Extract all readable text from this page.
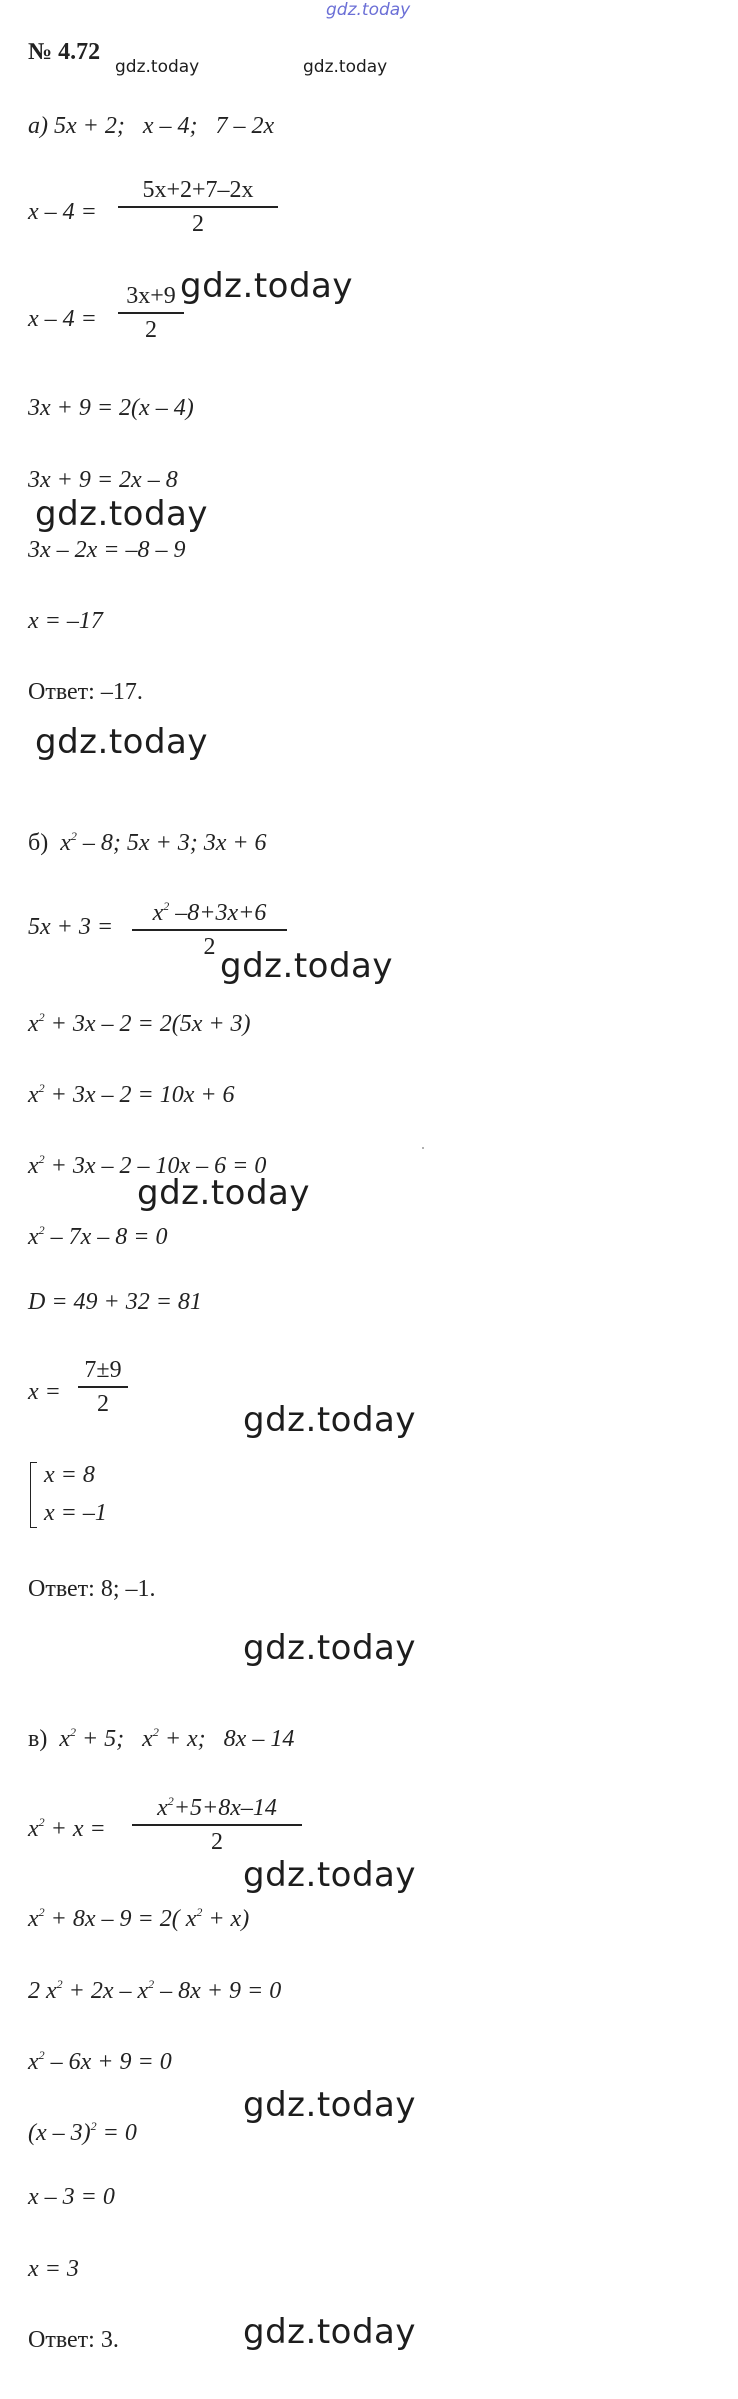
gdz.today
№ 4.72
gdz.today	gdz.today
а) 5x + 2;   x – 4;   7 – 2x
x – 4 =
5x+2+7–2x
2
x – 4 =
3x+9
2
gdz.today
3x + 9 = 2(x – 4)
3x + 9 = 2x – 8
gdz.today
3x – 2x = –8 – 9
x = –17
Ответ: –17.
gdz.today
б) $x^2 - 8$; 5x + 3; 3x + 6
5x + 3 =
$x^2$ –8+3x+6
2 gdz.today
$x^2 + 3x - 2 = 2(5x + 3)$
$x^2 + 3x - 2 = 10x + 6$
$x^2 + 3x - 2 - 10x - 6 = 0$
gdz.today
$x^2 - 7x - 8 = 0$
D = 49 + 32 = 81
x =
7±9
2	gdz.today
x = 8
x = –1
Ответ: 8; –1.
gdz.today
в)  $x^2 + 5$;   $x^2 + x$;   8x – 14
$x^2 + x$ =
$x^2+5+8x-14$
2
gdz.today
$x^2 + 8x - 9 = 2$( $x^2 + x$)
2 $x^2 + 2x - x^2 - 8x + 9 = 0$
$x^2 - 6x + 9 = 0$
(x – 3)$^2$ = 0
gdz.today
x – 3 = 0
x = 3
Ответ: 3.	gdz.today
